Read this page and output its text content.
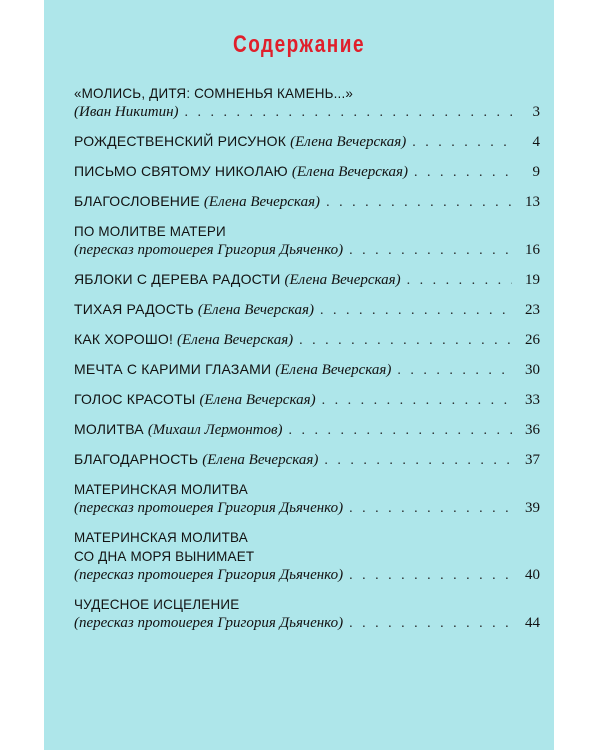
Содержание
«МОЛИСЬ, ДИТЯ: СОМНЕНЬЯ КАМЕНЬ...»
(Иван Никитин) . . .	3
РОЖДЕСТВЕНСКИЙ РИСУНОК (Елена Вечерская) . . .	4
ПИСЬМО СВЯТОМУ НИКОЛАЮ (Елена Вечерская) . . .	9
БЛАГОСЛОВЕНИЕ (Елена Вечерская) . . .	13
ПО МОЛИТВЕ МАТЕРИ
(пересказ протоиерея Григория Дьяченко) . . .	16
ЯБЛОКИ С ДЕРЕВА РАДОСТИ (Елена Вечерская) . . .	19
ТИХАЯ РАДОСТЬ (Елена Вечерская) . . .	23
КАК ХОРОШО! (Елена Вечерская) . . .	26
МЕЧТА С КАРИМИ ГЛАЗАМИ (Елена Вечерская) . . .	30
ГОЛОС КРАСОТЫ (Елена Вечерская) . . .	33
МОЛИТВА (Михаил Лермонтов) . . .	36
БЛАГОДАРНОСТЬ (Елена Вечерская) . . .	37
МАТЕРИНСКАЯ МОЛИТВА
(пересказ протоиерея Григория Дьяченко) . . .	39
МАТЕРИНСКАЯ МОЛИТВА
СО ДНА МОРЯ ВЫНИМАЕТ
(пересказ протоиерея Григория Дьяченко) . . .	40
ЧУДЕСНОЕ ИСЦЕЛЕНИЕ
(пересказ протоиерея Григория Дьяченко) . . .	44
